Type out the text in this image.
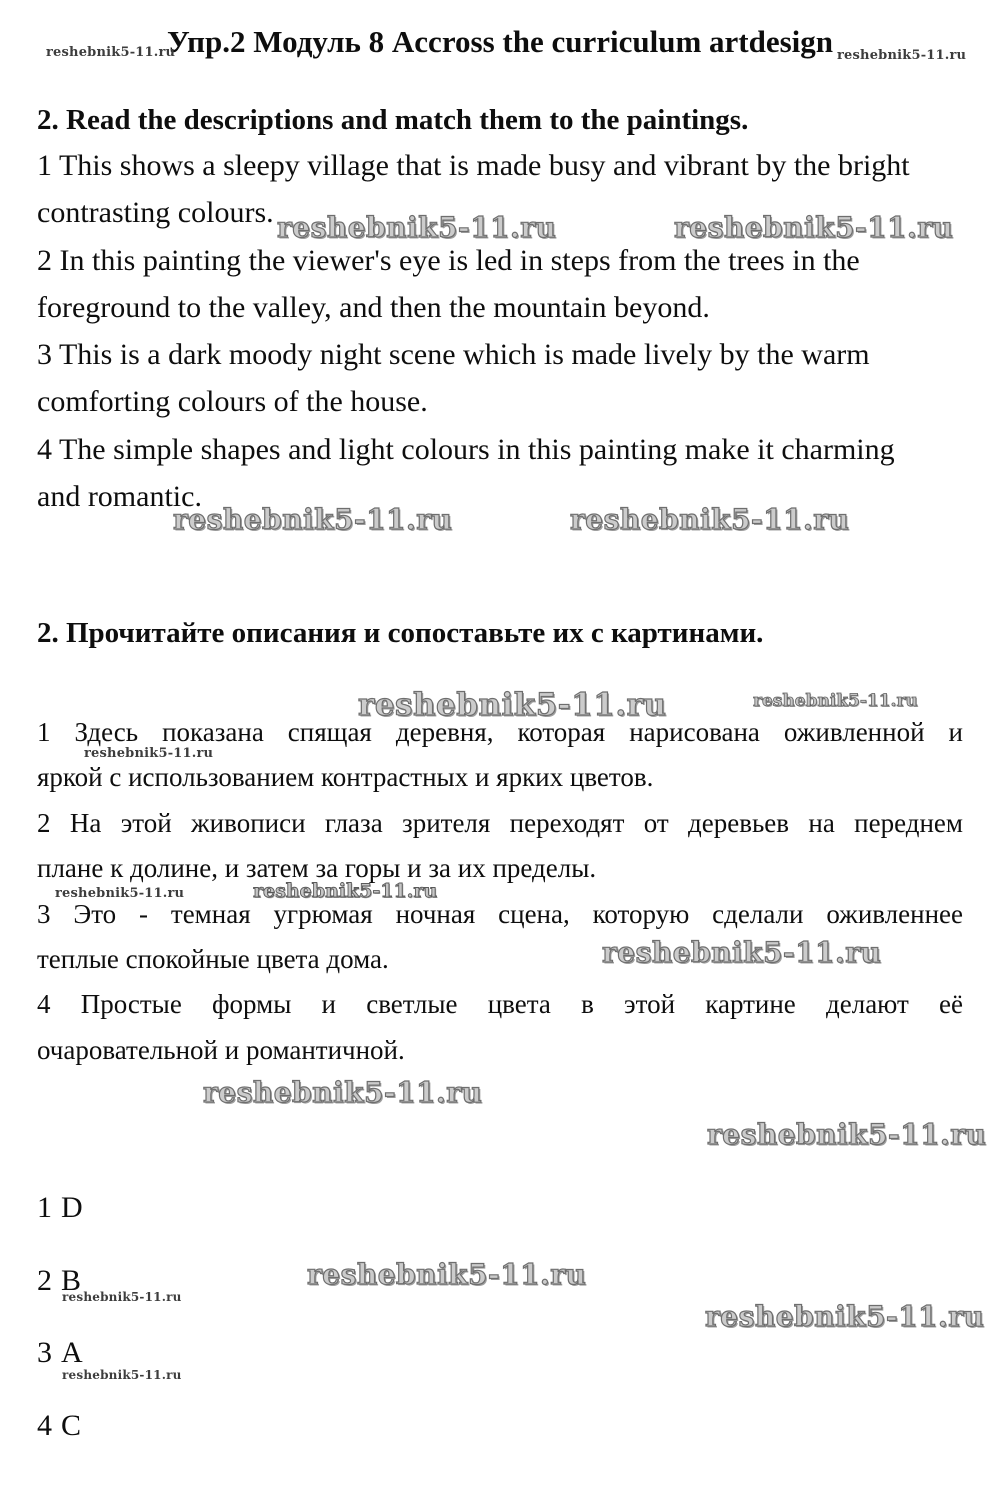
reshebnik5-11.ru
Упр.2 Модуль 8 Accross the curriculum artdesign reshebnik5-11.ru
2. Read the descriptions and match them to the paintings.
1 This shows a sleepy village that is made busy and vibrant by the bright
contrasting colours.
2 In this painting the viewer's eye is led in steps from the trees in the
foreground to the valley, and then the mountain beyond.
3 This is a dark moody night scene which is made lively by the warm
comforting colours of the house.
4 The simple shapes and light colours in this painting make it charming
and romantic.
reshebnik5-11.ru	reshebnik5-11.ru
reshebnik5-11.ru	reshebnik5-11.ru
2. Прочитайте описания и сопоставьте их с картинами.
reshebnik5-11.ru	reshebnik5-11.ru
1 Здесь показана спящая деревня, которая нарисована оживленной и
яркой с использованием контрастных и ярких цветов.
2 На этой живописи глаза зрителя переходят от деревьев на переднем
плане к долине, и затем за горы и за их пределы.
3 Это - темная угрюмая ночная сцена, которую сделали оживленнее
теплые спокойные цвета дома.
4 Простые формы и светлые цвета в этой картине делают её
очаровательной и романтичной.
reshebnik5-11.ru
reshebnik5-11.ru	reshebnik5-11.ru
reshebnik5-11.ru
reshebnik5-11.ru
reshebnik5-11.ru
1 D
2 B
3 A
4 C
reshebnik5-11.ru
reshebnik5-11.ru
reshebnik5-11.ru
reshebnik5-11.ru
